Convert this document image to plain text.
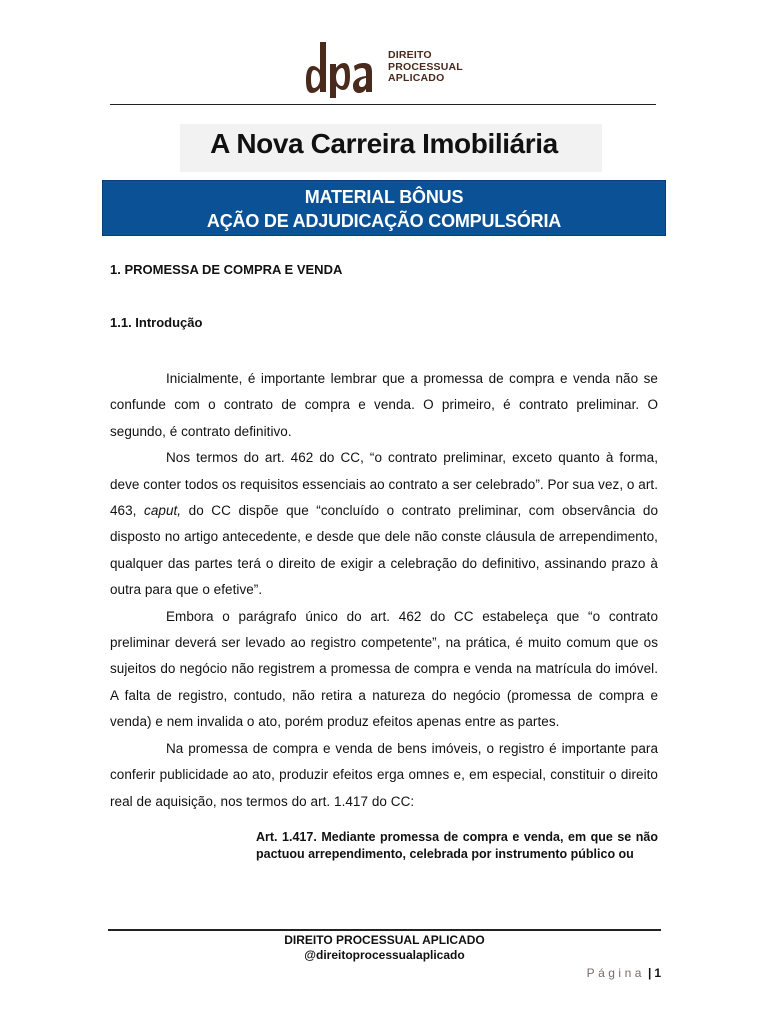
DIREITO
PROCESSUAL
APLICADO
A Nova Carreira Imobiliária
MATERIAL BÔNUS
AÇÃO DE ADJUDICAÇÃO COMPULSÓRIA
1. PROMESSA DE COMPRA E VENDA
1.1. Introdução

Inicialmente, é importante lembrar que a promessa de compra e venda não se confunde com o contrato de compra e venda. O primeiro, é contrato preliminar. O segundo, é contrato definitivo.

Nos termos do art. 462 do CC, “o contrato preliminar, exceto quanto à forma, deve conter todos os requisitos essenciais ao contrato a ser celebrado”. Por sua vez, o art. 463, caput, do CC dispõe que “concluído o contrato preliminar, com observância do disposto no artigo antecedente, e desde que dele não conste cláusula de arrependimento, qualquer das partes terá o direito de exigir a celebração do definitivo, assinando prazo à outra para que o efetive”.

Embora o parágrafo único do art. 462 do CC estabeleça que “o contrato preliminar deverá ser levado ao registro competente”, na prática, é muito comum que os sujeitos do negócio não registrem a promessa de compra e venda na matrícula do imóvel. A falta de registro, contudo, não retira a natureza do negócio (promessa de compra e venda) e nem invalida o ato, porém produz efeitos apenas entre as partes.

Na promessa de compra e venda de bens imóveis, o registro é importante para conferir publicidade ao ato, produzir efeitos erga omnes e, em especial, constituir o direito real de aquisição, nos termos do art. 1.417 do CC:

Art. 1.417. Mediante promessa de compra e venda, em que se não pactuou arrependimento, celebrada por instrumento público ou
DIREITO PROCESSUAL APLICADO
@direitoprocessualaplicado
Página | 1
